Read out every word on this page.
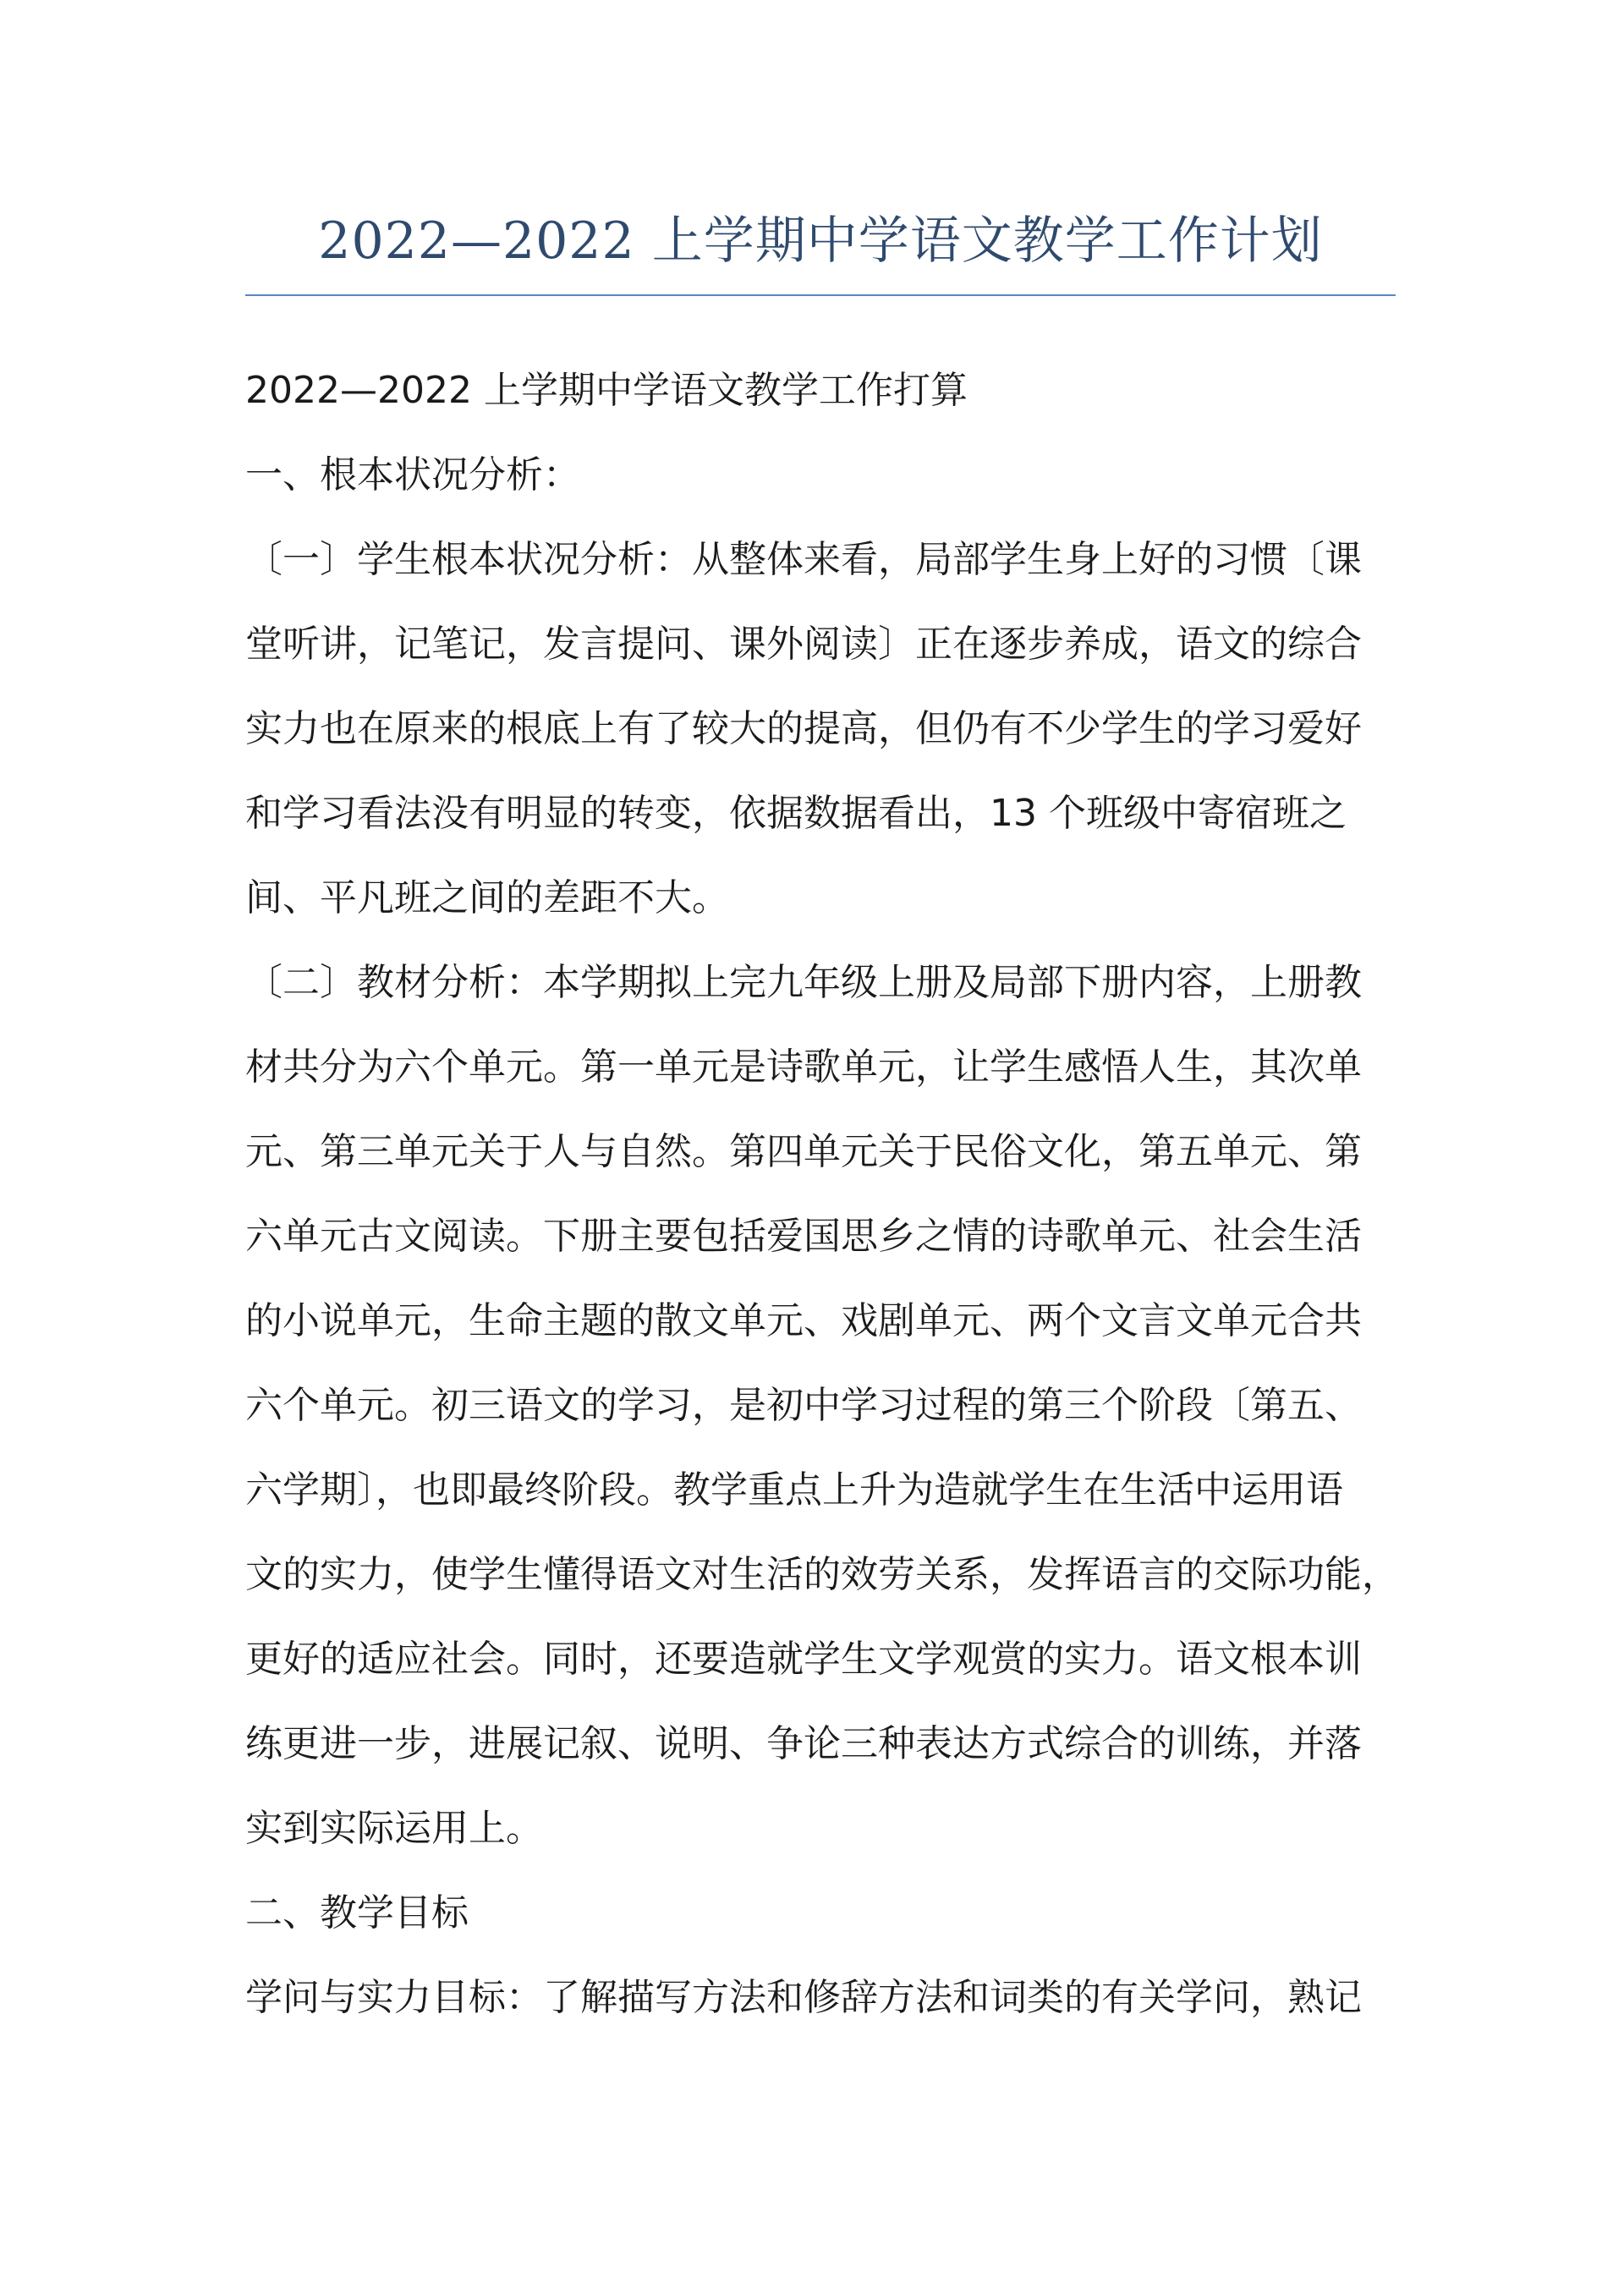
2022—2022 上学期中学语文教学工作计划
2022—2022 上学期中学语文教学工作打算
一、根本状况分析：
〔一〕学生根本状况分析：从整体来看，局部学生身上好的习惯〔课
堂听讲，记笔记，发言提问、课外阅读〕正在逐步养成，语文的综合
实力也在原来的根底上有了较大的提高，但仍有不少学生的学习爱好
和学习看法没有明显的转变，依据数据看出，13 个班级中寄宿班之
间、平凡班之间的差距不大。
〔二〕教材分析：本学期拟上完九年级上册及局部下册内容，上册教
材共分为六个单元。第一单元是诗歌单元，让学生感悟人生，其次单
元、第三单元关于人与自然。第四单元关于民俗文化，第五单元、第
六单元古文阅读。下册主要包括爱国思乡之情的诗歌单元、社会生活
的小说单元，生命主题的散文单元、戏剧单元、两个文言文单元合共
六个单元。初三语文的学习，是初中学习过程的第三个阶段〔第五、
六学期〕，也即最终阶段。教学重点上升为造就学生在生活中运用语
文的实力，使学生懂得语文对生活的效劳关系，发挥语言的交际功能，
更好的适应社会。同时，还要造就学生文学观赏的实力。语文根本训
练更进一步，进展记叙、说明、争论三种表达方式综合的训练，并落
实到实际运用上。
二、教学目标
学问与实力目标：了解描写方法和修辞方法和词类的有关学问，熟记
